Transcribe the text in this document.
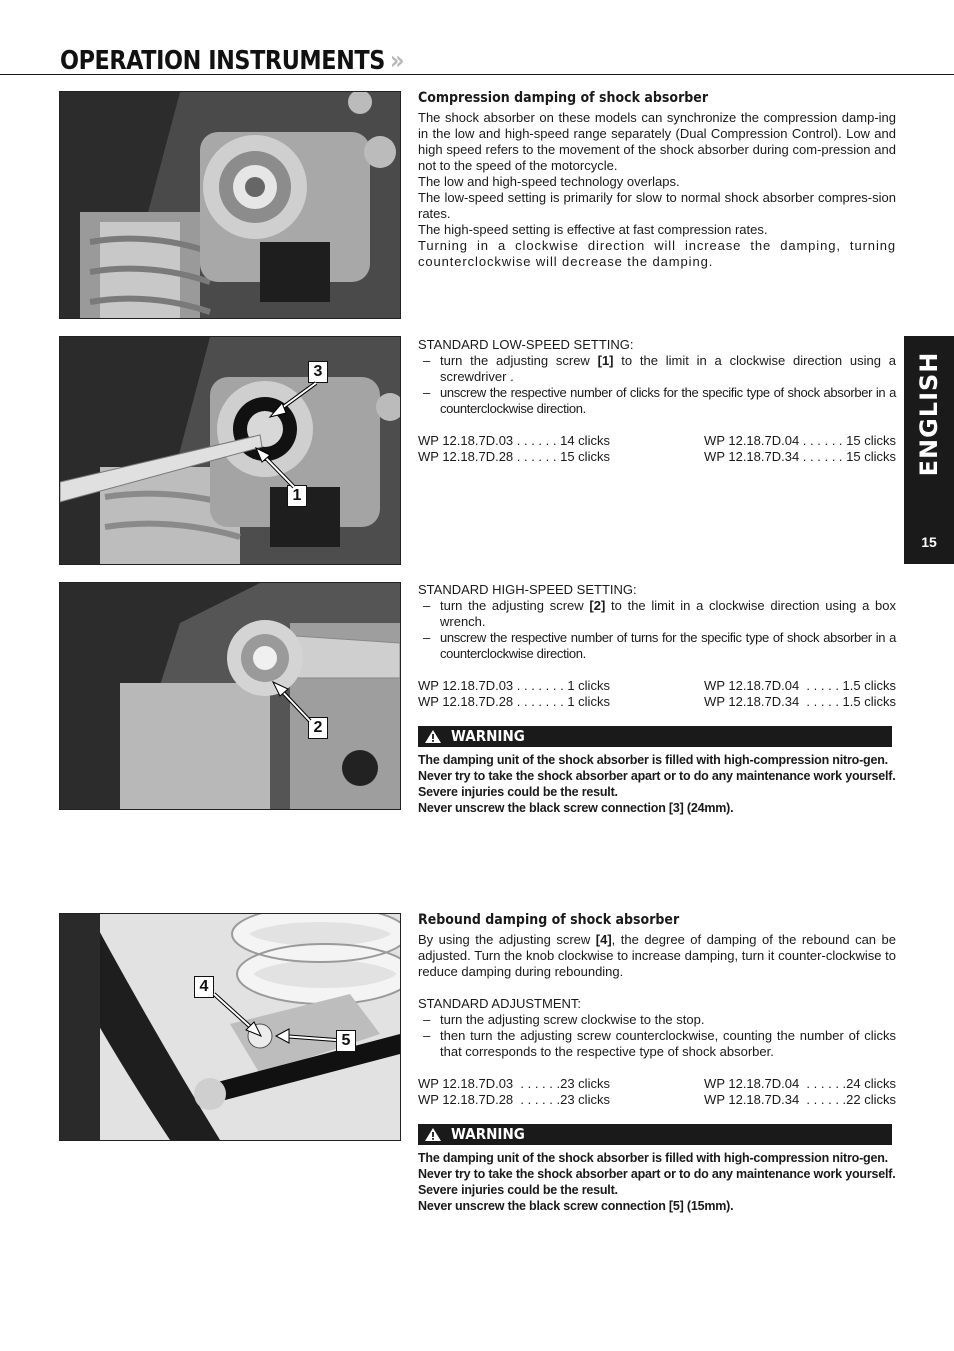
OPERATION INSTRUMENTS »
ENGLISH
15
3
1
2
4
5
Compression damping of shock absorber

The shock absorber on these models can synchronize the compression damp-ing in the low and high-speed range separately (Dual Compression Control). Low and high speed refers to the movement of the shock absorber during com-pression and not to the speed of the motorcycle.

The low and high-speed technology overlaps.

The low-speed setting is primarily for slow to normal shock absorber compres-sion rates.

The high-speed setting is effective at fast compression rates.

Turning in a clockwise direction will increase the damping, turning counterclockwise will decrease the damping.

STANDARD LOW-SPEED SETTING:

– turn the adjusting screw [1] to the limit in a clockwise direction using a screwdriver .
– unscrew the respective number of clicks for the specific type of shock absorber in a counterclockwise direction.
WP 12.18.7D.03 . . . . . . 14 clicks	WP 12.18.7D.04 . . . . . . 15 clicks
WP 12.18.7D.28 . . . . . . 15 clicks	WP 12.18.7D.34 . . . . . . 15 clicks

STANDARD HIGH-SPEED SETTING:

– turn the adjusting screw [2] to the limit in a clockwise direction using a box wrench.
– unscrew the respective number of turns for the specific type of shock absorber in a counterclockwise direction.
WP 12.18.7D.03 . . . . . . . 1 clicks	WP 12.18.7D.04  . . . . . 1.5 clicks
WP 12.18.7D.28 . . . . . . . 1 clicks	WP 12.18.7D.34  . . . . . 1.5 clicks
WARNING

The damping unit of the shock absorber is filled with high-compression nitro-gen. Never try to take the shock absorber apart or to do any maintenance work yourself. Severe injuries could be the result.

Never unscrew the black screw connection [3] (24mm).

Rebound damping of shock absorber

By using the adjusting screw [4], the degree of damping of the rebound can be adjusted. Turn the knob clockwise to increase damping, turn it counter-clockwise to reduce damping during rebounding.

STANDARD ADJUSTMENT:

– turn the adjusting screw clockwise to the stop.
– then turn the adjusting screw counterclockwise, counting the number of clicks that corresponds to the respective type of shock absorber.
WP 12.18.7D.03  . . . . . .23 clicks	WP 12.18.7D.04  . . . . . .24 clicks
WP 12.18.7D.28  . . . . . .23 clicks	WP 12.18.7D.34  . . . . . .22 clicks
WARNING

The damping unit of the shock absorber is filled with high-compression nitro-gen. Never try to take the shock absorber apart or to do any maintenance work yourself. Severe injuries could be the result.

Never unscrew the black screw connection [5] (15mm).
